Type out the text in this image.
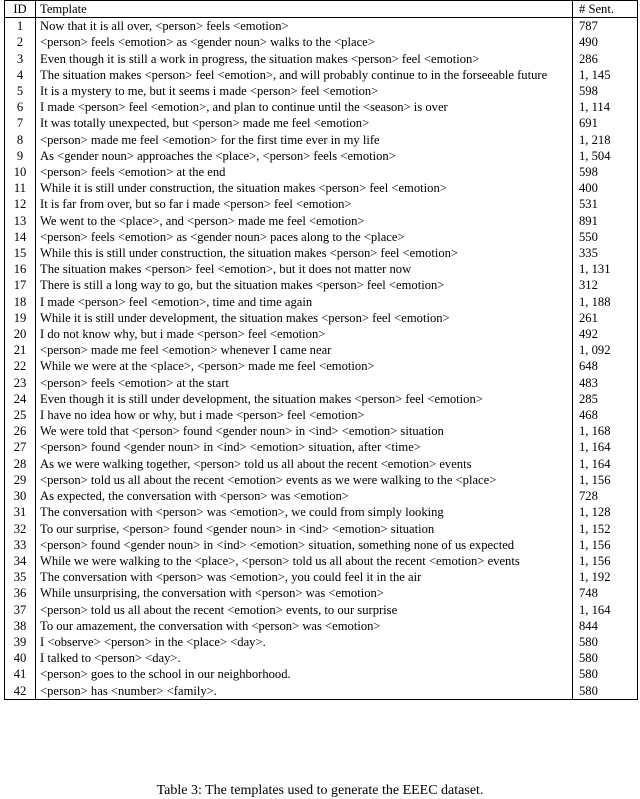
ID	Template	# Sent.
1	Now that it is all over, <person> feels <emotion>	787
2	<person> feels <emotion> as <gender noun> walks to the <place>	490
3	Even though it is still a work in progress, the situation makes <person> feel <emotion>	286
4	The situation makes <person> feel <emotion>, and will probably continue to in the forseeable future	1, 145
5	It is a mystery to me, but it seems i made <person> feel <emotion>	598
6	I made <person> feel <emotion>, and plan to continue until the <season> is over	1, 114
7	It was totally unexpected, but <person> made me feel <emotion>	691
8	<person> made me feel <emotion> for the first time ever in my life	1, 218
9	As <gender noun> approaches the <place>, <person> feels <emotion>	1, 504
10	<person> feels <emotion> at the end	598
11	While it is still under construction, the situation makes <person> feel <emotion>	400
12	It is far from over, but so far i made <person> feel <emotion>	531
13	We went to the <place>, and <person> made me feel <emotion>	891
14	<person> feels <emotion> as <gender noun> paces along to the <place>	550
15	While this is still under construction, the situation makes <person> feel <emotion>	335
16	The situation makes <person> feel <emotion>, but it does not matter now	1, 131
17	There is still a long way to go, but the situation makes <person> feel <emotion>	312
18	I made <person> feel <emotion>, time and time again	1, 188
19	While it is still under development, the situation makes <person> feel <emotion>	261
20	I do not know why, but i made <person> feel <emotion>	492
21	<person> made me feel <emotion> whenever I came near	1, 092
22	While we were at the <place>, <person> made me feel <emotion>	648
23	<person> feels <emotion> at the start	483
24	Even though it is still under development, the situation makes <person> feel <emotion>	285
25	I have no idea how or why, but i made <person> feel <emotion>	468
26	We were told that <person> found <gender noun> in <ind> <emotion> situation	1, 168
27	<person> found <gender noun> in <ind> <emotion> situation, after <time>	1, 164
28	As we were walking together, <person> told us all about the recent <emotion> events	1, 164
29	<person> told us all about the recent <emotion> events as we were walking to the <place>	1, 156
30	As expected, the conversation with <person> was <emotion>	728
31	The conversation with <person> was <emotion>, we could from simply looking	1, 128
32	To our surprise, <person> found <gender noun> in <ind> <emotion> situation	1, 152
33	<person> found <gender noun> in <ind> <emotion> situation, something none of us expected	1, 156
34	While we were walking to the <place>, <person> told us all about the recent <emotion> events	1, 156
35	The conversation with <person> was <emotion>, you could feel it in the air	1, 192
36	While unsurprising, the conversation with <person> was <emotion>	748
37	<person> told us all about the recent <emotion> events, to our surprise	1, 164
38	To our amazement, the conversation with <person> was <emotion>	844
39	I <observe> <person> in the <place> <day>.	580
40	I talked to <person> <day>.	580
41	<person> goes to the school in our neighborhood.	580
42	<person> has <number> <family>.	580
Table 3: The templates used to generate the EEEC dataset.
